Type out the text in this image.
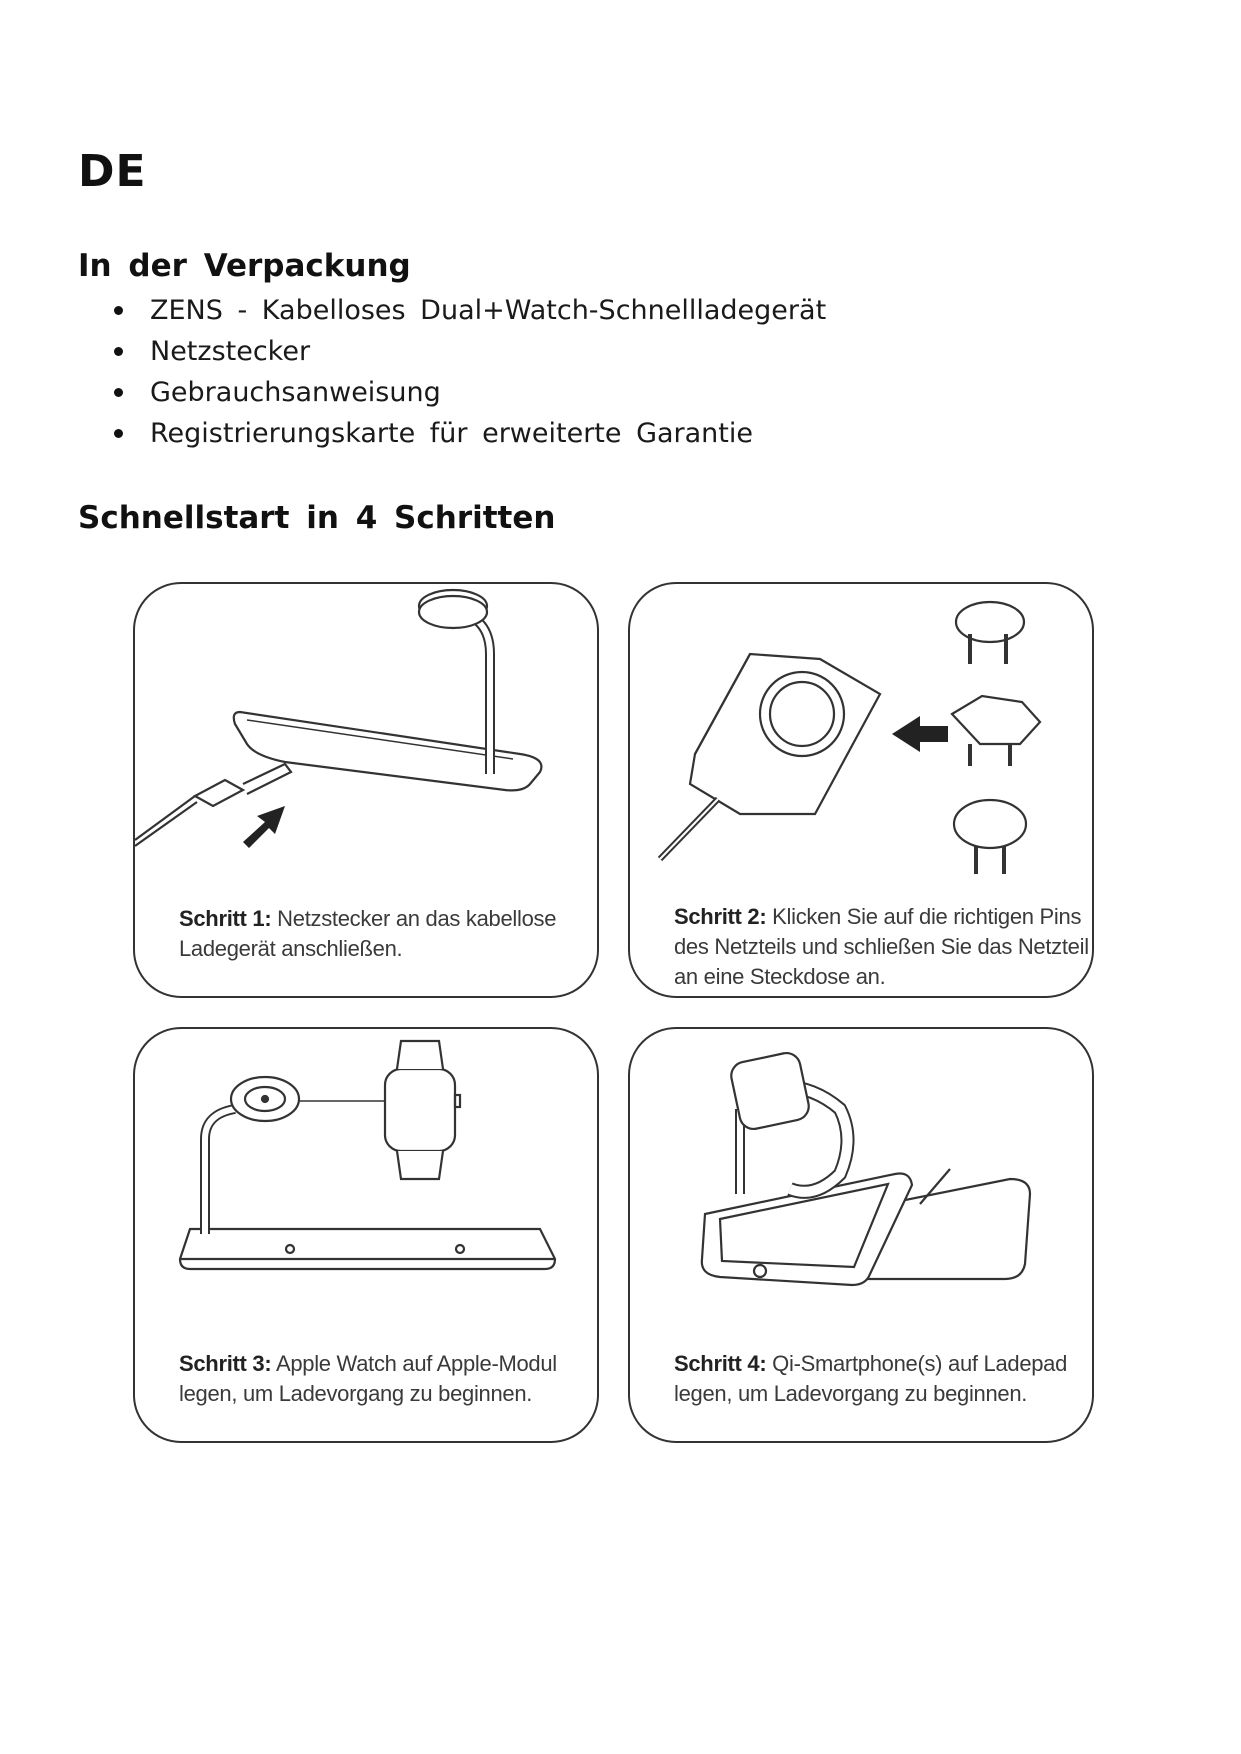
DE
In der Verpackung
ZENS - Kabelloses Dual+Watch-Schnellladegerät
Netzstecker
Gebrauchsanweisung
Registrierungskarte für erweiterte Garantie
Schnellstart in 4 Schritten
Schritt 1: Netzstecker an das kabellose Ladegerät anschließen.
Schritt 2: Klicken Sie auf die richtigen Pins des Netzteils und schließen Sie das Netzteil an eine Steckdose an.
Schritt 3: Apple Watch auf Apple-Modul legen, um Ladevorgang zu beginnen.
Schritt 4: Qi-Smartphone(s) auf Ladepad legen, um Ladevorgang zu beginnen.
